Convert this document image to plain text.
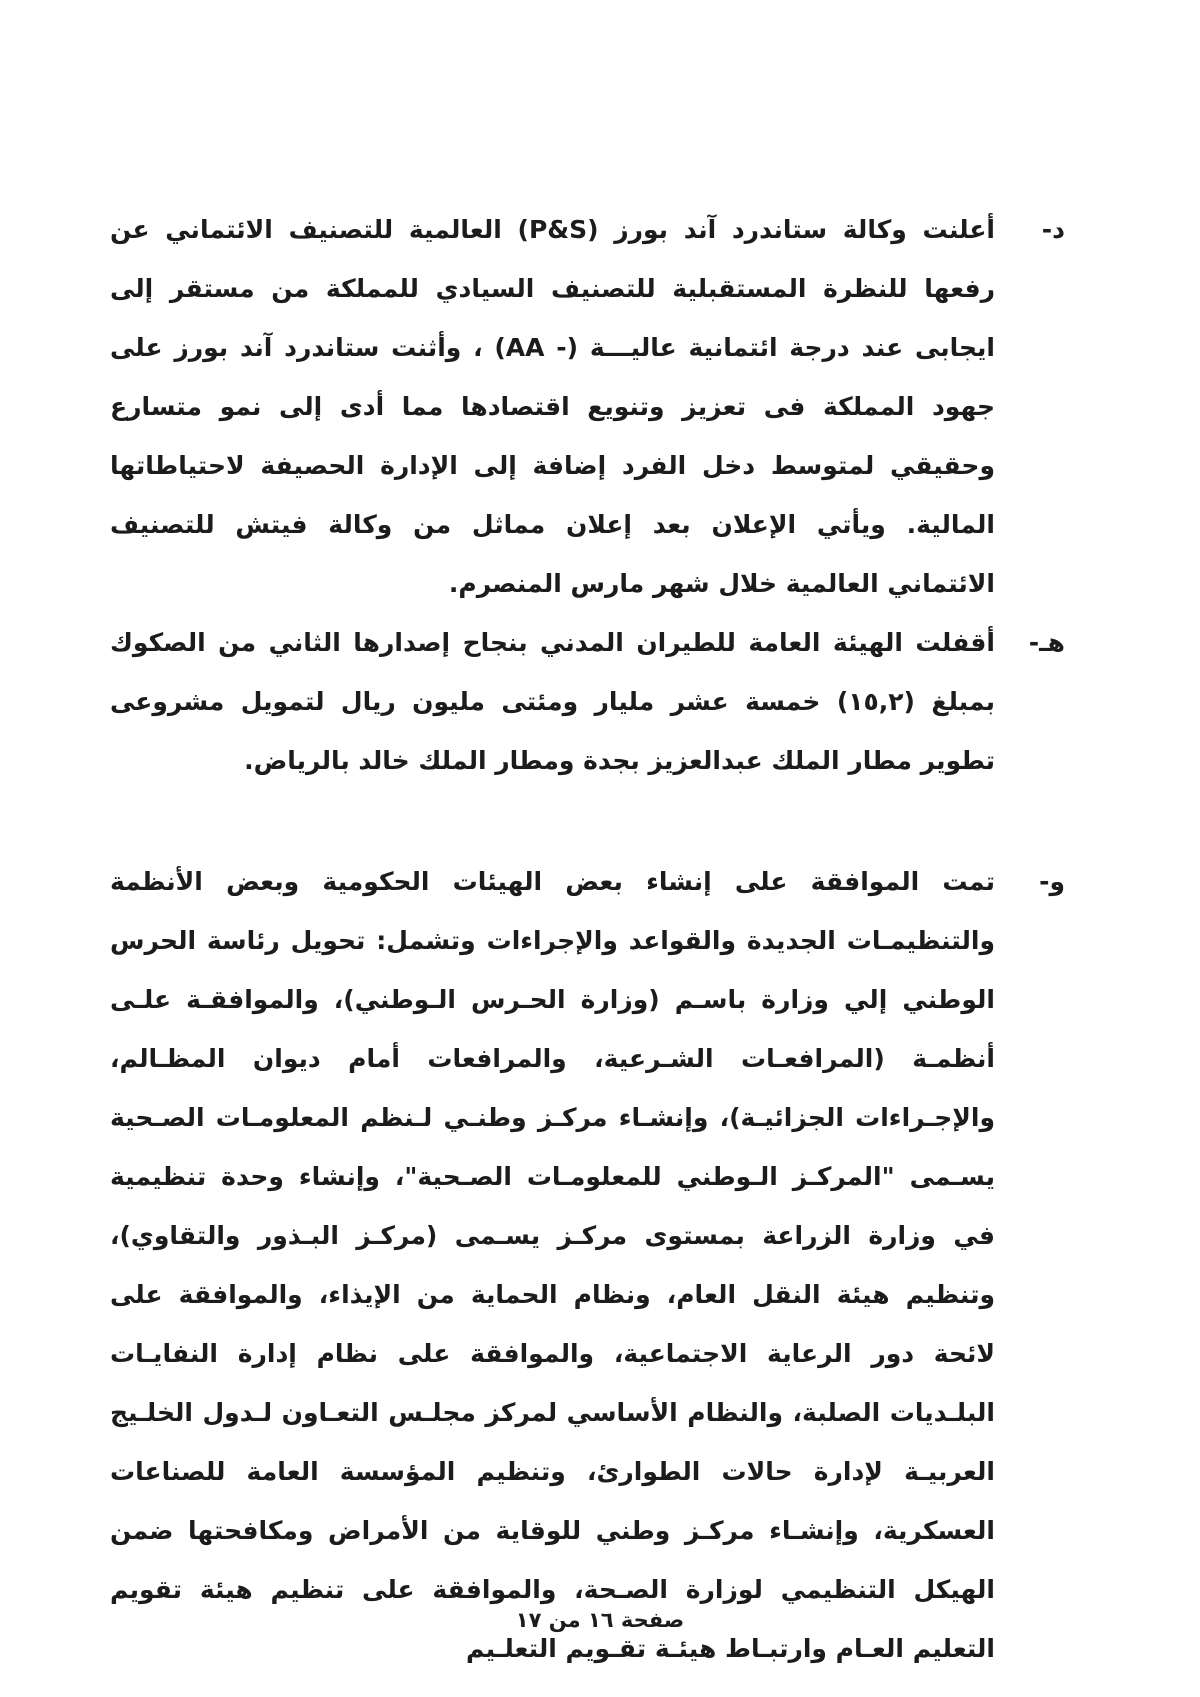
د-
أعلنت وكالة ستاندرد آند بورز (P&S) العالمية للتصنيف الائتماني عن رفعها للنظرة المستقبلية للتصنيف السيادي للمملكة من مستقر إلى ايجابى عند درجة ائتمانية عاليـــة (- AA) ، وأثنت ستاندرد آند بورز على جهود المملكة فى تعزيز وتنويع اقتصادها مما أدى إلى نمو متسارع وحقيقي لمتوسط دخل الفرد إضافة إلى الإدارة الحصيفة لاحتياطاتها المالية. ويأتي الإعلان بعد إعلان مماثل من وكالة فيتش للتصنيف الائتماني العالمية خلال شهر مارس المنصرم.
هـ-
أقفلت الهيئة العامة للطيران المدني بنجاح إصدارها الثاني من الصكوك بمبلغ (١٥,٢) خمسة عشر مليار ومئتى مليون ريال لتمويل مشروعى تطوير مطار الملك عبدالعزيز بجدة ومطار الملك خالد بالرياض.
و-
تمت الموافقة على إنشاء بعض الهيئات الحكومية وبعض الأنظمة والتنظيمـات الجديدة والقواعد والإجراءات وتشمل: تحويل رئاسة الحرس الوطني إلي وزارة باسـم (وزارة الحـرس الـوطني)، والموافقـة علـى أنظمـة (المرافعـات الشـرعية، والمرافعات أمام ديوان المظـالم، والإجـراءات الجزائيـة)، وإنشـاء مركـز وطنـي لـنظم المعلومـات الصـحية يسـمى "المركـز الـوطني للمعلومـات الصـحية"، وإنشاء وحدة تنظيمية في وزارة الزراعة بمستوى مركـز يسـمى (مركـز البـذور والتقاوي)، وتنظيم هيئة النقل العام، ونظام الحماية من الإيذاء، والموافقة على لائحة دور الرعاية الاجتماعية، والموافقة على نظام إدارة النفايـات البلـديات الصلبة، والنظام الأساسي لمركز مجلـس التعـاون لـدول الخلـيج العربيـة لإدارة حالات الطوارئ، وتنظيم المؤسسة العامة للصناعات العسكرية، وإنشـاء مركـز وطني للوقاية من الأمراض ومكافحتها ضمن الهيكل التنظيمي لوزارة الصـحة، والموافقة على تنظيم هيئة تقويم التعليم العـام وارتبـاط هيئـة تقـويم التعلـيم
صفحة ١٦ من ١٧
